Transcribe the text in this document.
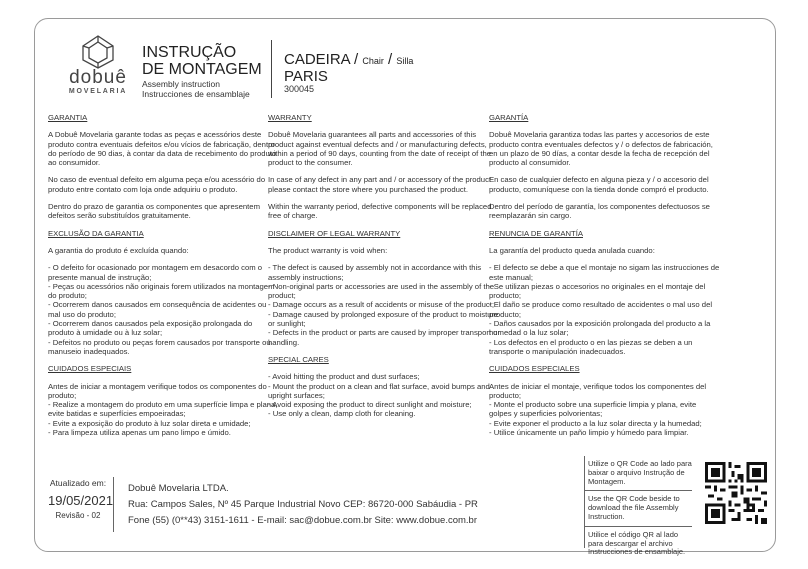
dobuê
MOVELARIA
INSTRUÇÃO
DE MONTAGEM
Assembly instruction
Instrucciones de ensamblaje
CADEIRA / Chair / Silla
PARIS
300045
GARANTIA
A Dobuê Movelaria garante todas as peças e acessórios deste produto contra eventuais defeitos e/ou vícios de fabricação, dentro do período de 90 dias, à contar da data de recebimento do produto ao consumidor.
No caso de eventual defeito em alguma peça e/ou acessório do produto entre contato com loja onde adquiriu o produto.
Dentro do prazo de garantia os componentes que apresentem defeitos serão substituídos gratuitamente.
EXCLUSÃO DA GARANTIA
A garantia do produto é excluída quando:
- O defeito for ocasionado por montagem em desacordo com o presente manual de instrução;
- Peças ou acessórios não originais forem utilizados na montagem do produto;
- Ocorrerem danos causados em consequência de acidentes ou mal uso do produto;
- Ocorrerem danos causados pela exposição prolongada do produto à umidade ou à luz solar;
- Defeitos no produto ou peças forem causados por transporte ou manuseio inadequados.
CUIDADOS ESPECIAIS
Antes de iniciar a montagem verifique todos os componentes do produto;
- Realize a montagem do produto em uma superfície limpa e plana, evite batidas e superfícies empoeiradas;
- Evite a exposição do produto à luz solar direta e umidade;
- Para limpeza utiliza apenas um pano limpo e úmido.
WARRANTY
Dobuê Movelaria guarantees all parts and accessories of this product against eventual defects and / or manufacturing defects, within a period of 90 days, counting from the date of receipt of the product to the consumer.
In case of any defect in any part and / or accessory of the product please contact the store where you purchased the product.
Within the warranty period, defective components will be replaced free of charge.
DISCLAIMER OF LEGAL WARRANTY
The product warranty is void when:
- The defect is caused by assembly not in accordance with this assembly instructions;
- Non-original parts or accessories are used in the assembly of the product;
- Damage occurs as a result of accidents or misuse of the product;
- Damage caused by prolonged exposure of the product to moisture or sunlight;
- Defects in the product or parts are caused by improper transport or handling.
SPECIAL CARES
- Avoid hitting the product and dust surfaces;
- Mount the product on a clean and flat surface, avoid bumps and upright surfaces;
- Avoid exposing the product to direct sunlight and moisture;
- Use only a clean, damp cloth for cleaning.
GARANTÍA
Dobuê Movelaria garantiza todas las partes y accesorios de este producto contra eventuales defectos y / o defectos de fabricación, en un plazo de 90 días, a contar desde la fecha de recepción del producto al consumidor.
En caso de cualquier defecto en alguna pieza y / o accesorio del producto, comuníquese con la tienda donde compró el producto.
Dentro del período de garantía, los componentes defectuosos se reemplazarán sin cargo.
RENUNCIA DE GARANTÍA
La garantía del producto queda anulada cuando:
- El defecto se debe a que el montaje no sigam las instrucciones de este manual;
- Se utilizan piezas o accesorios no originales en el montaje del producto;
- El daño se produce como resultado de accidentes o mal uso del producto;
- Daños causados por la exposición prolongada del producto a la humedad o la luz solar;
- Los defectos en el producto o en las piezas se deben a un transporte o manipulación inadecuados.
CUIDADOS ESPECIALES
Antes de iniciar el montaje, verifique todos los componentes del producto;
- Monte el producto sobre una superficie limpia y plana, evite golpes y superficies polvorientas;
- Evite exponer el producto a la luz solar directa y la humedad;
- Utilice únicamente un paño limpio y húmedo para limpiar.
Atualizado em:
19/05/2021
Revisão - 02
Dobuê Movelaria LTDA.
Rua: Campos Sales, Nº 45 Parque Industrial Novo CEP: 86720-000 Sabáudia - PR
Fone (55) (0**43) 3151-1611 - E-mail: sac@dobue.com.br Site: www.dobue.com.br
Utilize o QR Code ao lado para baixar o arquivo Instrução de Montagem.
Use the QR Code beside to download the file Assembly Instruction.
Utilice el código QR al lado para descargar el archivo Instrucciones de ensamblaje.
